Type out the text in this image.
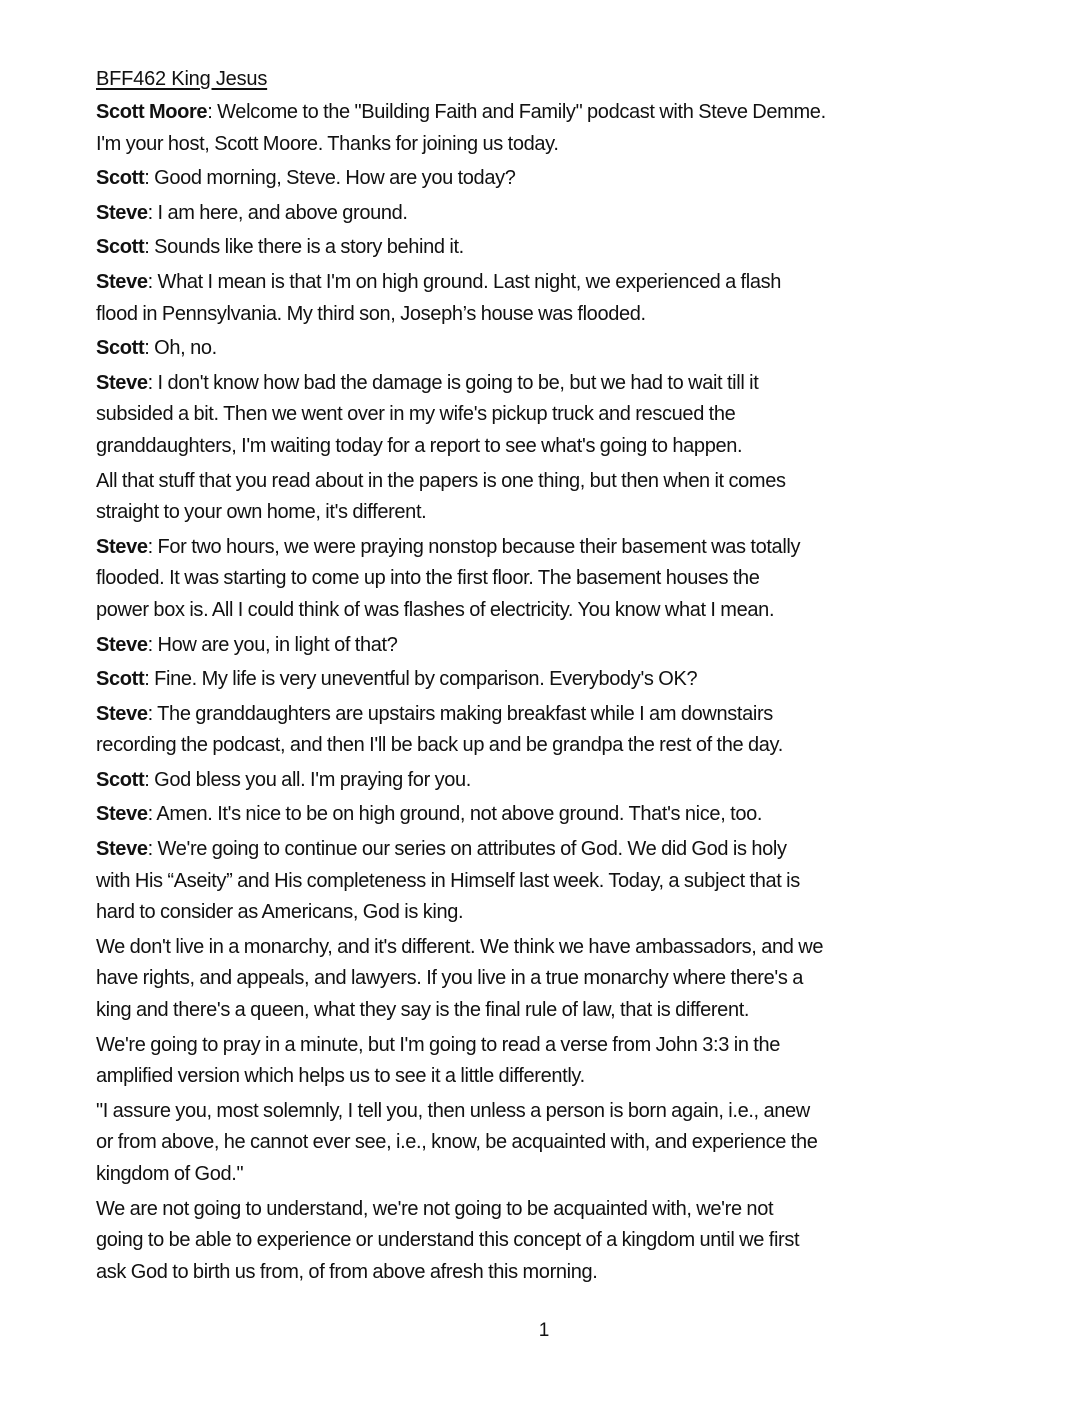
BFF462 King Jesus
Scott Moore: Welcome to the "Building Faith and Family" podcast with Steve Demme.
I'm your host, Scott Moore. Thanks for joining us today.
Scott: Good morning, Steve. How are you today?
Steve: I am here, and above ground.
Scott: Sounds like there is a story behind it.
Steve: What I mean is that I'm on high ground. Last night, we experienced a flash
flood in Pennsylvania. My third son, Joseph’s house was flooded.
Scott: Oh, no.
Steve: I don't know how bad the damage is going to be, but we had to wait till it
subsided a bit. Then we went over in my wife's pickup truck and rescued the
granddaughters, I'm waiting today for a report to see what's going to happen.
All that stuff that you read about in the papers is one thing, but then when it comes
straight to your own home, it's different.
Steve: For two hours, we were praying nonstop because their basement was totally
flooded. It was starting to come up into the first floor. The basement houses the
power box is. All I could think of was flashes of electricity. You know what I mean.
Steve: How are you, in light of that?
Scott: Fine. My life is very uneventful by comparison. Everybody's OK?
Steve: The granddaughters are upstairs making breakfast while I am downstairs
recording the podcast, and then I'll be back up and be grandpa the rest of the day.
Scott: God bless you all. I'm praying for you.
Steve: Amen. It's nice to be on high ground, not above ground. That's nice, too.
Steve: We're going to continue our series on attributes of God. We did God is holy
with His “Aseity” and His completeness in Himself last week. Today, a subject that is
hard to consider as Americans, God is king.
We don't live in a monarchy, and it's different. We think we have ambassadors, and we
have rights, and appeals, and lawyers. If you live in a true monarchy where there's a
king and there's a queen, what they say is the final rule of law, that is different.
We're going to pray in a minute, but I'm going to read a verse from John 3:3 in the
amplified version which helps us to see it a little differently.
"I assure you, most solemnly, I tell you, then unless a person is born again, i.e., anew
or from above, he cannot ever see, i.e., know, be acquainted with, and experience the
kingdom of God."
We are not going to understand, we're not going to be acquainted with, we're not
going to be able to experience or understand this concept of a kingdom until we first
ask God to birth us from, of from above afresh this morning.
1
